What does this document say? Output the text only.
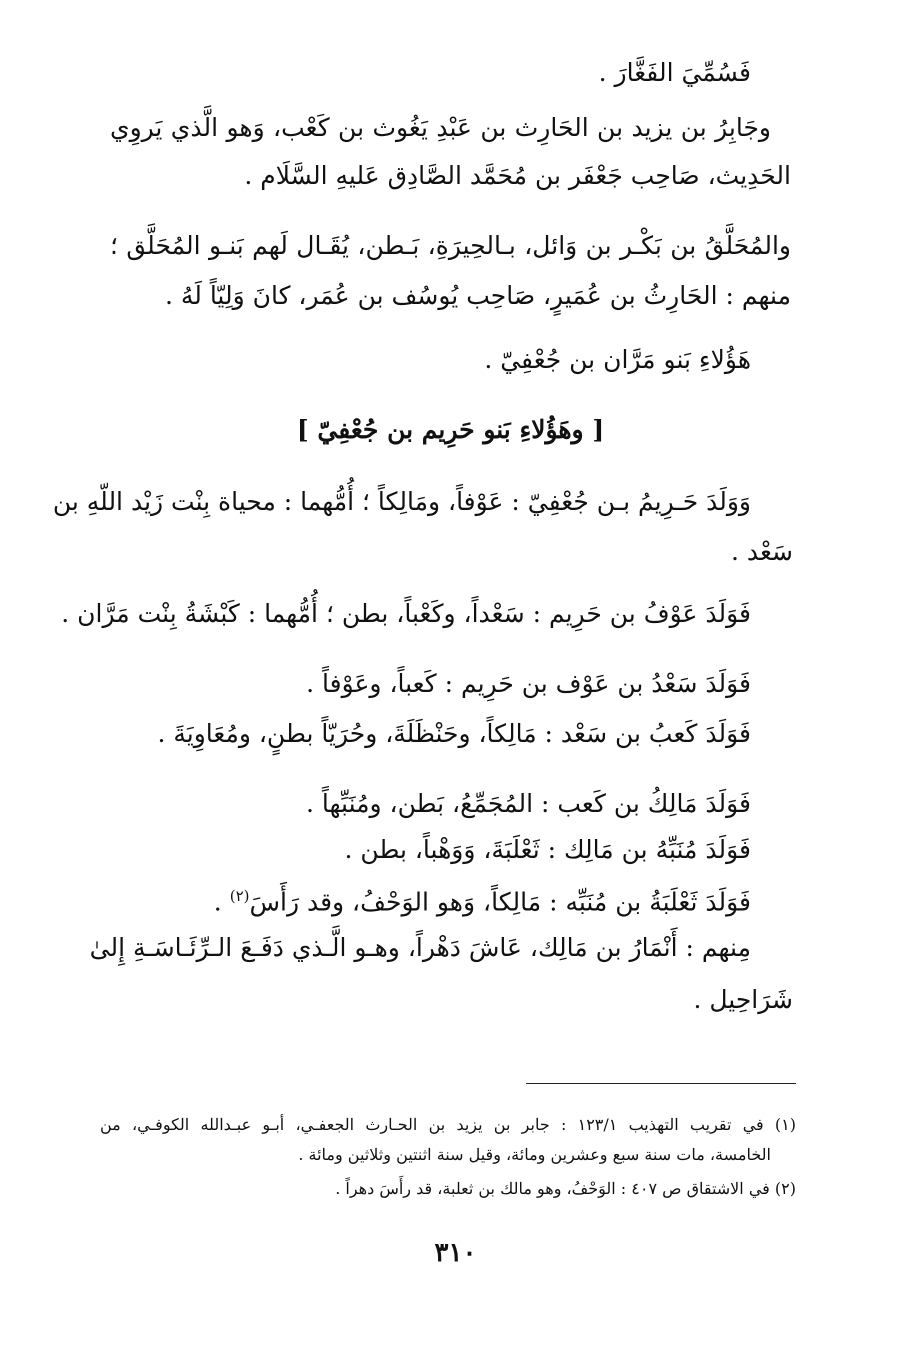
فَسُمِّيَ الفَغَّارَ .
وجَابِرُ بن يزيد بن الحَارِث بن عَبْدِ يَغُوث بن كَعْب، وَهو الَّذي يَروِي
الحَدِيث، صَاحِب جَعْفَر بن مُحَمَّد الصَّادِق عَليهِ السَّلَام .
والمُحَلَّقُ بن بَكْـر بن وَائل، بـالحِيرَةِ، بَـطن، يُقَـال لَهم بَنـو المُحَلَّق ؛
منهم : الحَارِثُ بن عُمَيرٍ، صَاحِب يُوسُف بن عُمَر، كانَ وَلِيّاً لَهُ .
هَؤُلاءِ بَنو مَرَّان بن جُعْفِيّ .
[ وهَؤُلاءِ بَنو حَرِيم بن جُعْفِيّ ]
وَوَلَدَ حَـرِيمُ بـن جُعْفِيّ : عَوْفاً، ومَالِكاً ؛ أُمُّهما : محياة بِنْت زَيْد اللّهِ بن
سَعْد .
فَوَلَدَ عَوْفُ بن حَرِيم : سَعْداً، وكَعْباً، بطن ؛ أُمُّهما : كَبْشَةُ بِنْت مَرَّان .
فَوَلَدَ سَعْدُ بن عَوْف بن حَرِيم : كَعباً، وعَوْفاً .
فَوَلَدَ كَعبُ بن سَعْد : مَالِكاً، وحَنْظَلَةَ، وحُرَيّاً بطنٍ، ومُعَاوِيَةَ .
فَوَلَدَ مَالِكُ بن كَعب : المُجَمِّعُ، بَطن، ومُنَبِّهاً .
فَوَلَدَ مُنَبِّهُ بن مَالِك : ثَعْلَبَةَ، وَوَهْباً، بطن .
فَوَلَدَ ثَعْلَبَةُ بن مُنَبِّه : مَالِكاً، وَهو الوَحْفُ، وقد رَأَسَ$^{(٢)}$ .
مِنهم : أَنْمَارُ بن مَالِك، عَاشَ دَهْراً، وهـو الَّـذي دَفَـعَ الـرِّئَـاسَـةِ إِلىٰ
شَرَاحِيل .
(١) في تقريب التهذيب ١٢٣/١ : جابر بن يزيد بن الحـارث الجعفـي، أبـو عبـدالله الكوفـي، من
الخامسة، مات سنة سبع وعشرين ومائة، وقيل سنة اثنتين وثلاثين ومائة .
(٢) في الاشتقاق ص ٤٠٧ : الوَحْفُ، وهو مالك بن ثعلبة، قد رأَسَ دهراً .
٣١٠
